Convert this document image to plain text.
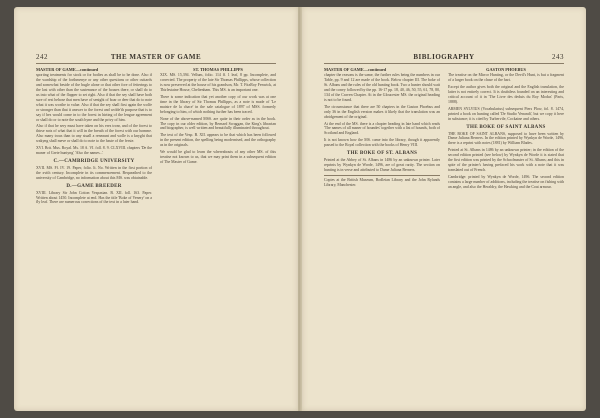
242	THE MASTER OF GAME
MASTER OF GAME—continued

sporting treatments for stock or for bodies as shall be to be done. Also if the wardship of the forthmenye or any other questions or other cuttards and somewhat beside of the bugle alone or that other fore of fetterings to the last with other than the sustenance of the houses there, or shall do to us into what of the flapper to set right. Also if that the sey shall have both sure of rest hehose that men have of senight of boar or deer that do to note what it was worthe to value. Also if that the sey shall first again the wolfe or stronger than that it answer to the forest and wolde'th purpose that is to say if hes would come in to the forest in hirting of the lengue agreement or shall do or to note the south hyne and the privy of him.

Also if that he sery must have taken on his eres tronr, and of the forest to thtrse nots of what that it will in the breath of the forest with our homme. Also many trous than to any stuall a reneaunt and wolle is a knyght that wakyng shall meve or shall do to note to the haste of the ferste.

XVI. Brit. Mus. Royal. Ms. 18 A. VI. foll. 8. 9. CLXVIII. chapters 'De the maner of Grete huntyng' 'Also the names...'

C.—CAMBRIDGE UNIVERSITY

XVII. MS. Ff. IV. 19. Paper, folio. It. No. Written in the first portion of the xvith century. Incomplete in its commencement. Bequeathed to the university of Cambridge, no information about this MS. was obtainable.

D.—GAME BREEDER

XVIII. Library Sir John Cotton Vespasian. B. XII. foll. 163. Paper. Written about 1450. Incomplete at end. Has the title 'Boke of Venery' on a fly leaf. There are numerous corrections of the text in a later hand.

ST. THOMAS PHILLIPPS

XIX. MS. 15,394. Vellum, folio. 114 ff. 1 leaf, 8 pp. Incomplete, and corrected. The property of the late Sir Thomas Phillipps, whose collection is now preserved at the house of his grandson, Mr. T. FitzRoy Fenwick, at Thirlestaine House, Cheltenham. This MS. is an important one.

There is some indication that yet another copy of our work was at one time in the library of Sir Thomas Phillipps, as a note is made of 'Le maistre de la chace' in the sale catalogue of 1897 of MSS. formerly belonging to him, of which nothing further has been traced.

None of the above-named MSS. are quite in their order as in the book. The copy in our older edition, by Bernard Scraggan, the King's librarian and biographer, is well written and beautifully illuminated throughout.

The text of the Vesp. B. XII. appears to be that which has been followed in the present edition, the spelling being modernised, and the orthography as in the originals.

We would be glad to learn the whereabouts of any other MS. of this treatise not known to us, that we may print them in a subsequent edition of The Master of Game.

BIBLIOGRAPHY	243
MASTER OF GAME—continued

chapter the reasons is the same, the further rules being the numbers in our Table, pp. 9 and 12 are made of the book. Below chapter III. The boke of St. Albans and the rules of the old hunting book. Two a hunter should wait and the coney followed by the pp. 16-17 pp. 18, 40, 46, 50, 55, 61, 78, 80, 134 of the Craven Chapter. At in the Gloucester MS. the original heading is not to be found.

The circumstance that there are 50 chapters in the Gaston Phoebus and only 36 in the English version makes it likely that the translation was an abridgement of the original.

At the end of the MS. there is a chapter heading in late hand which reads 'The names of all maner of houndes' together with a list of hounds, both of Scotland and England.

It is not known how the MS. came into the library, though it apparently passed to the Royal collection with the books of Henry VIII.

THE BOKE OF ST. ALBANS

Printed at the Abbey of St. Albans in 1486 by an unknown printer. Later reprints by Wynkyn de Worde, 1496, are of great rarity. The section on hunting is in verse and attributed to Dame Juliana Berners.

Copies at the British Museum, Bodleian Library and the John Rylands Library, Manchester.

GASTON PHOEBUS

The treatise on the Mirror Hunting, or the Devil's Hunt, is but a fragment of a larger book on the chase of the hart.

Except the author gives both the original and the English translation, the latter is not entirely correct. It is doubtless founded on an interesting and critical account of it in 'The Livre des deduis du Roy Modus' (Paris, 1888).

ARMEN SYLVIUS (Vocabularius) subsequent Piers Plow, fol. 8. 1474, printed a book on hunting called 'De Studio Venandi', but we copy it here in substance; it is cited by Turbervile, Cockaine and others.

THE BOKE OF SAINT ALBANS

THE BOKE OF SAINT ALBANS, supposed to have been written by Dame Juliana Berners. In the edition printed by Wynkyn de Worde, 1496, there is a reprint with notes (1881) by William Blades.

Printed at St. Albans in 1486 by an unknown printer; in the edition of the second edition printed (see below) by Wynkyn de Worde it is stated that the first edition was printed by the Schoolmaster of St. Albans; and this in spite of the printer's having prefaced his work with a note that it was translated out of French.

Cambridge: printed by Wynkyn de Worde, 1496. The second edition contains a large number of additions, including the treatise on fishing with an angle, and also the Heraldry, the Hawking and the Coat armour.
